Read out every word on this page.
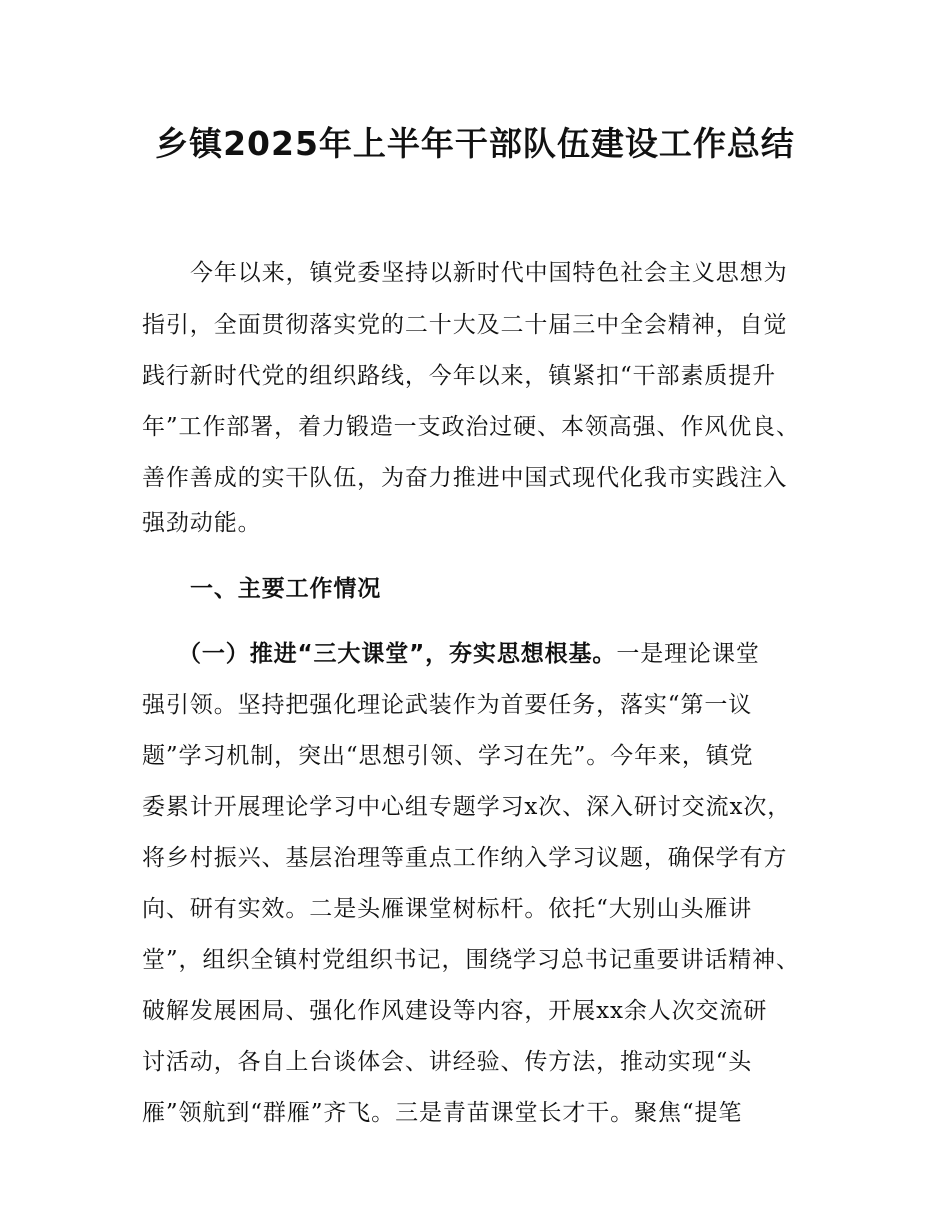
乡镇2025年上半年干部队伍建设工作总结

今年以来，镇党委坚持以新时代中国特色社会主义思想为

指引，全面贯彻落实党的二十大及二十届三中全会精神，自觉

践行新时代党的组织路线，今年以来，镇紧扣“干部素质提升

年”工作部署，着力锻造一支政治过硬、本领高强、作风优良、

善作善成的实干队伍，为奋力推进中国式现代化我市实践注入

强劲动能。

一、主要工作情况

（一）推进“三大课堂”，夯实思想根基。一是理论课堂

强引领。坚持把强化理论武装作为首要任务，落实“第一议

题”学习机制，突出“思想引领、学习在先”。今年来，镇党

委累计开展理论学习中心组专题学习x次、深入研讨交流x次，

将乡村振兴、基层治理等重点工作纳入学习议题，确保学有方

向、研有实效。二是头雁课堂树标杆。依托“大别山头雁讲

堂”，组织全镇村党组织书记，围绕学习总书记重要讲话精神、

破解发展困局、强化作风建设等内容，开展xx余人次交流研

讨活动，各自上台谈体会、讲经验、传方法，推动实现“头

雁”领航到“群雁”齐飞。三是青苗课堂长才干。聚焦“提笔
